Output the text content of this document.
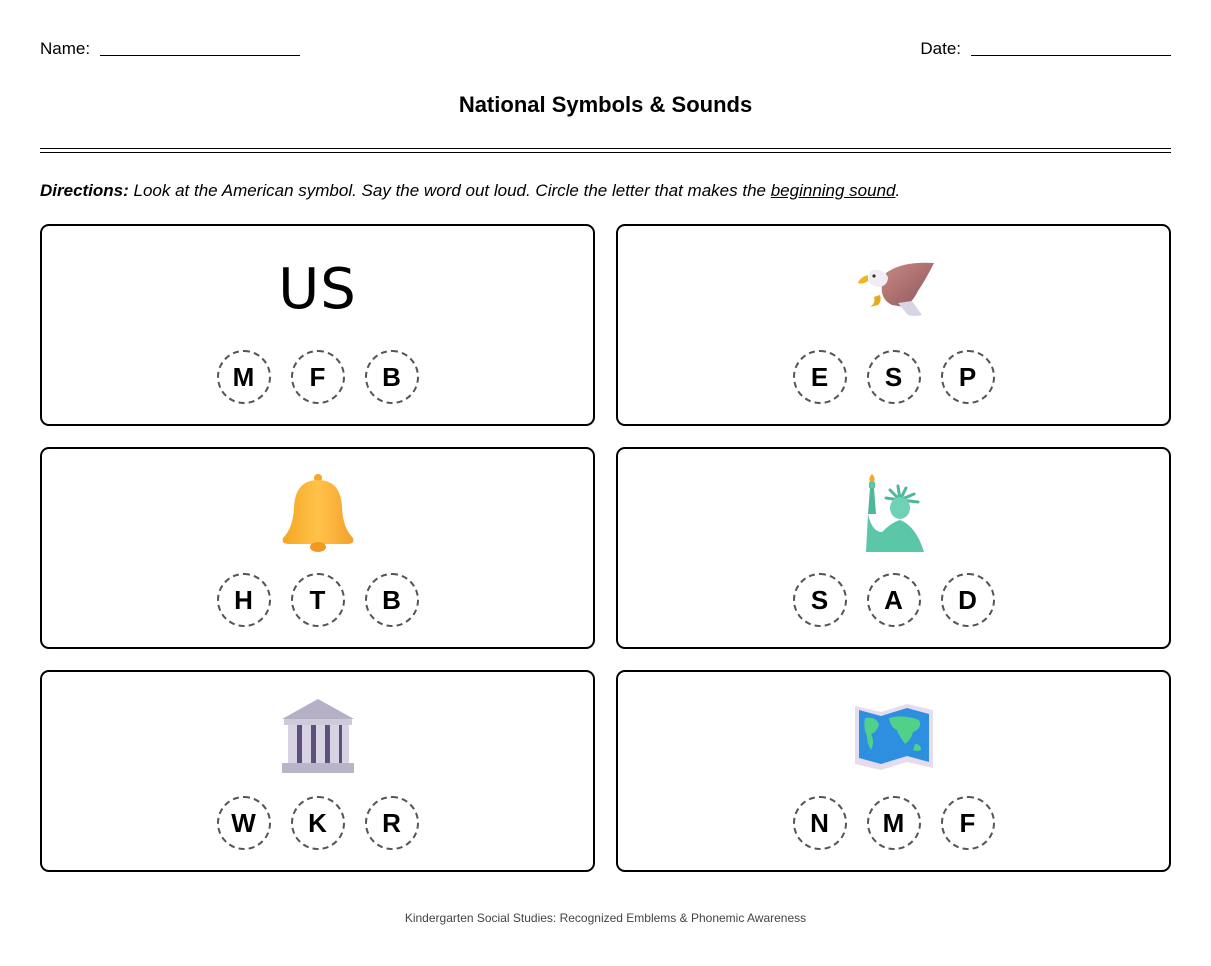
Name:	Date:
National Symbols & Sounds
Directions: Look at the American symbol. Say the word out loud. Circle the letter that makes the beginning sound.
US
M	F	B	E	S	P
H	T	B	S	A	D
W	K	R	N	M	F
Kindergarten Social Studies: Recognized Emblems & Phonemic Awareness
